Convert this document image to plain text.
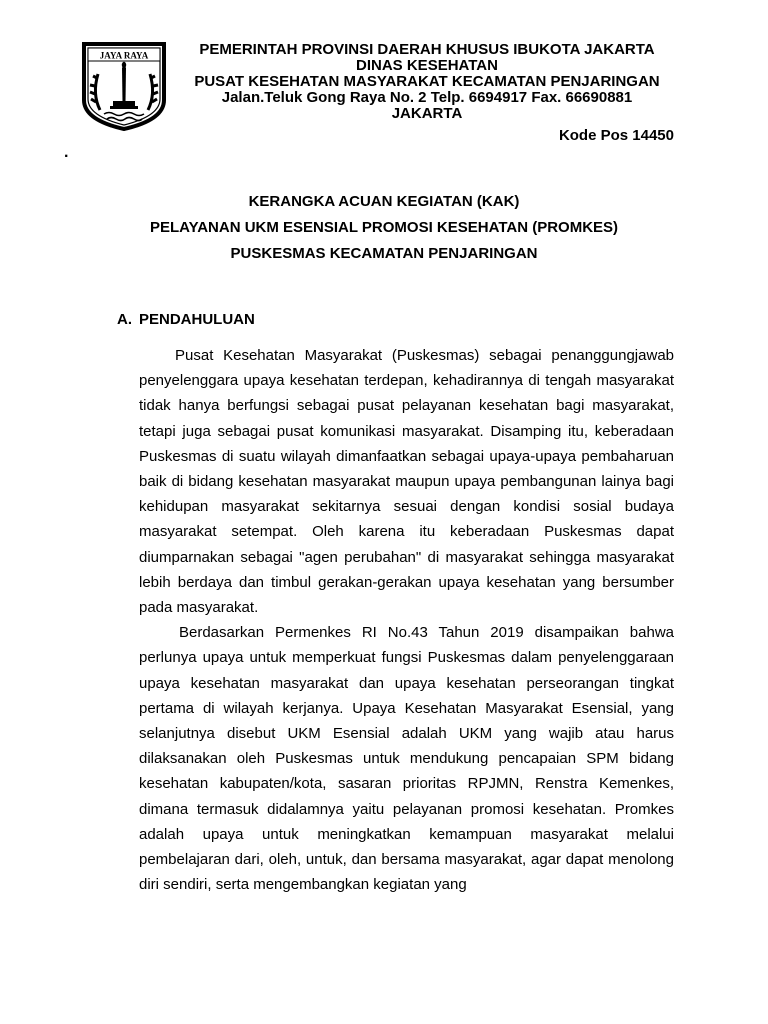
JAYA RAYA	PEMERINTAH PROVINSI DAERAH KHUSUS IBUKOTA JAKARTA
DINAS KESEHATAN
PUSAT KESEHATAN MASYARAKAT KECAMATAN PENJARINGAN
Jalan.Teluk Gong Raya No. 2 Telp. 6694917 Fax. 66690881
JAKARTA
Kode Pos 14450
.
KERANGKA ACUAN KEGIATAN (KAK)
PELAYANAN UKM ESENSIAL PROMOSI KESEHATAN (PROMKES)
PUSKESMAS KECAMATAN PENJARINGAN
A. PENDAHULUAN

Pusat Kesehatan Masyarakat (Puskesmas) sebagai penanggungjawab penyelenggara upaya kesehatan terdepan, kehadirannya di tengah masyarakat tidak hanya berfungsi sebagai pusat pelayanan kesehatan bagi masyarakat, tetapi juga sebagai pusat komunikasi masyarakat. Disamping itu, keberadaan Puskesmas di suatu wilayah dimanfaatkan sebagai upaya-upaya pembaharuan baik di bidang kesehatan masyarakat maupun upaya pembangunan lainya bagi kehidupan masyarakat sekitarnya sesuai dengan kondisi sosial budaya masyarakat setempat. Oleh karena itu keberadaan Puskesmas dapat diumparnakan sebagai "agen perubahan" di masyarakat sehingga masyarakat lebih berdaya dan timbul gerakan-gerakan upaya kesehatan yang bersumber pada masyarakat.

Berdasarkan Permenkes RI No.43 Tahun 2019 disampaikan bahwa perlunya upaya untuk memperkuat fungsi Puskesmas dalam penyelenggaraan upaya kesehatan masyarakat dan upaya kesehatan perseorangan tingkat pertama di wilayah kerjanya. Upaya Kesehatan Masyarakat Esensial, yang selanjutnya disebut UKM Esensial adalah UKM yang wajib atau harus dilaksanakan oleh Puskesmas untuk mendukung pencapaian SPM bidang kesehatan kabupaten/kota, sasaran prioritas RPJMN, Renstra Kemenkes, dimana termasuk didalamnya yaitu pelayanan promosi kesehatan. Promkes adalah upaya untuk meningkatkan kemampuan masyarakat melalui pembelajaran dari, oleh, untuk, dan bersama masyarakat, agar dapat menolong diri sendiri, serta mengembangkan kegiatan yang
